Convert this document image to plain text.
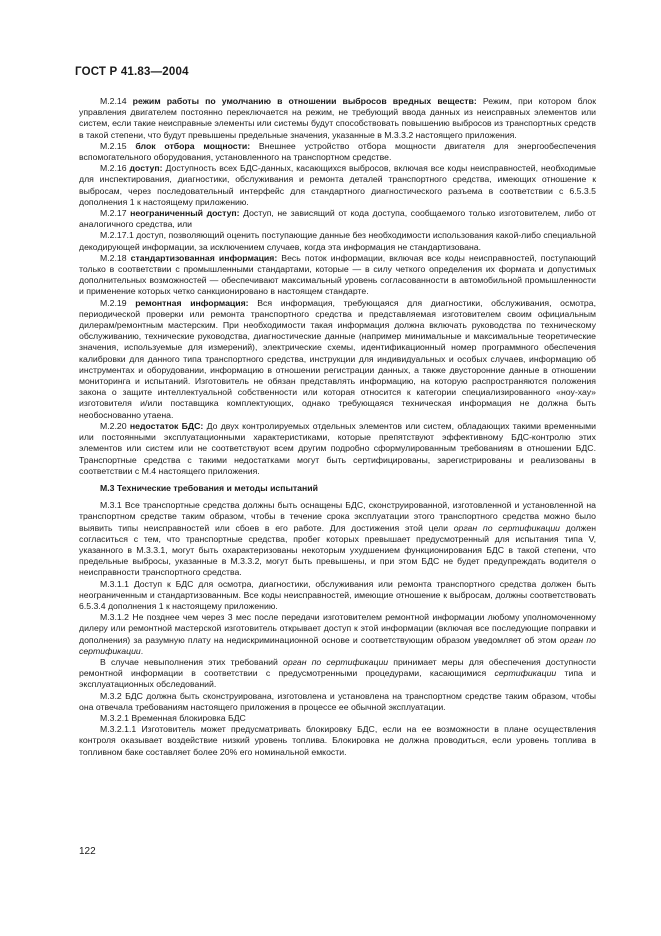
ГОСТ Р 41.83—2004

М.2.14 режим работы по умолчанию в отношении выбросов вредных веществ: Режим, при котором блок управления двигателем постоянно переключается на режим, не требующий ввода данных из неисправных элементов или систем, если такие неисправные элементы или системы будут способствовать повышению выбросов из транспортных средств в такой степени, что будут превышены предельные значения, указанные в М.3.3.2 настоящего приложения.

М.2.15 блок отбора мощности: Внешнее устройство отбора мощности двигателя для энергообеспечения вспомогательного оборудования, установленного на транспортном средстве.

М.2.16 доступ: Доступность всех БДС-данных, касающихся выбросов, включая все коды неисправностей, необходимые для инспектирования, диагностики, обслуживания и ремонта деталей транспортного средства, имеющих отношение к выбросам, через последовательный интерфейс для стандартного диагностического разъема в соответствии с 6.5.3.5 дополнения 1 к настоящему приложению.

М.2.17 неограниченный доступ: Доступ, не зависящий от кода доступа, сообщаемого только изготовителем, либо от аналогичного средства, или

М.2.17.1 доступ, позволяющий оценить поступающие данные без необходимости использования какой-либо специальной декодирующей информации, за исключением случаев, когда эта информация не стандартизована.

М.2.18 стандартизованная информация: Весь поток информации, включая все коды неисправностей, поступающий только в соответствии с промышленными стандартами, которые — в силу четкого определения их формата и допустимых дополнительных возможностей — обеспечивают максимальный уровень согласованности в автомобильной промышленности и применение которых четко санкционировано в настоящем стандарте.

М.2.19 ремонтная информация: Вся информация, требующаяся для диагностики, обслуживания, осмотра, периодической проверки или ремонта транспортного средства и представляемая изготовителем своим официальным дилерам/ремонтным мастерским. При необходимости такая информация должна включать руководства по техническому обслуживанию, технические руководства, диагностические данные (например минимальные и максимальные теоретические значения, используемые для измерений), электрические схемы, идентификационный номер программного обеспечения калибровки для данного типа транспортного средства, инструкции для индивидуальных и особых случаев, информацию об инструментах и оборудовании, информацию в отношении регистрации данных, а также двусторонние данные в отношении мониторинга и испытаний. Изготовитель не обязан представлять информацию, на которую распространяются положения закона о защите интеллектуальной собственности или которая относится к категории специализированного «ноу-хау» изготовителя и/или поставщика комплектующих, однако требующаяся техническая информация не должна быть необоснованно утаена.

М.2.20 недостаток БДС: До двух контролируемых отдельных элементов или систем, обладающих такими временными или постоянными эксплуатационными характеристиками, которые препятствуют эффективному БДС-контролю этих элементов или систем или не соответствуют всем другим подробно сформулированным требованиям в отношении БДС. Транспортные средства с такими недостатками могут быть сертифицированы, зарегистрированы и реализованы в соответствии с М.4 настоящего приложения.

М.3 Технические требования и методы испытаний

М.3.1 Все транспортные средства должны быть оснащены БДС, сконструированной, изготовленной и установленной на транспортном средстве таким образом, чтобы в течение срока эксплуатации этого транспортного средства можно было выявить типы неисправностей или сбоев в его работе. Для достижения этой цели орган по сертификации должен согласиться с тем, что транспортные средства, пробег которых превышает предусмотренный для испытания типа V, указанного в М.3.3.1, могут быть охарактеризованы некоторым ухудшением функционирования БДС в такой степени, что предельные выбросы, указанные в М.3.3.2, могут быть превышены, и при этом БДС не будет предупреждать водителя о неисправности транспортного средства.

М.3.1.1 Доступ к БДС для осмотра, диагностики, обслуживания или ремонта транспортного средства должен быть неограниченным и стандартизованным. Все коды неисправностей, имеющие отношение к выбросам, должны соответствовать 6.5.3.4 дополнения 1 к настоящему приложению.

М.3.1.2 Не позднее чем через 3 мес после передачи изготовителем ремонтной информации любому уполномоченному дилеру или ремонтной мастерской изготовитель открывает доступ к этой информации (включая все последующие поправки и дополнения) за разумную плату на недискриминационной основе и соответствующим образом уведомляет об этом орган по сертификации.

В случае невыполнения этих требований орган по сертификации принимает меры для обеспечения доступности ремонтной информации в соответствии с предусмотренными процедурами, касающимися сертификации типа и эксплуатационных обследований.

М.3.2 БДС должна быть сконструирована, изготовлена и установлена на транспортном средстве таким образом, чтобы она отвечала требованиям настоящего приложения в процессе ее обычной эксплуатации.

М.3.2.1 Временная блокировка БДС

М.3.2.1.1 Изготовитель может предусматривать блокировку БДС, если на ее возможности в плане осуществления контроля оказывает воздействие низкий уровень топлива. Блокировка не должна проводиться, если уровень топлива в топливном баке составляет более 20% его номинальной емкости.

122
